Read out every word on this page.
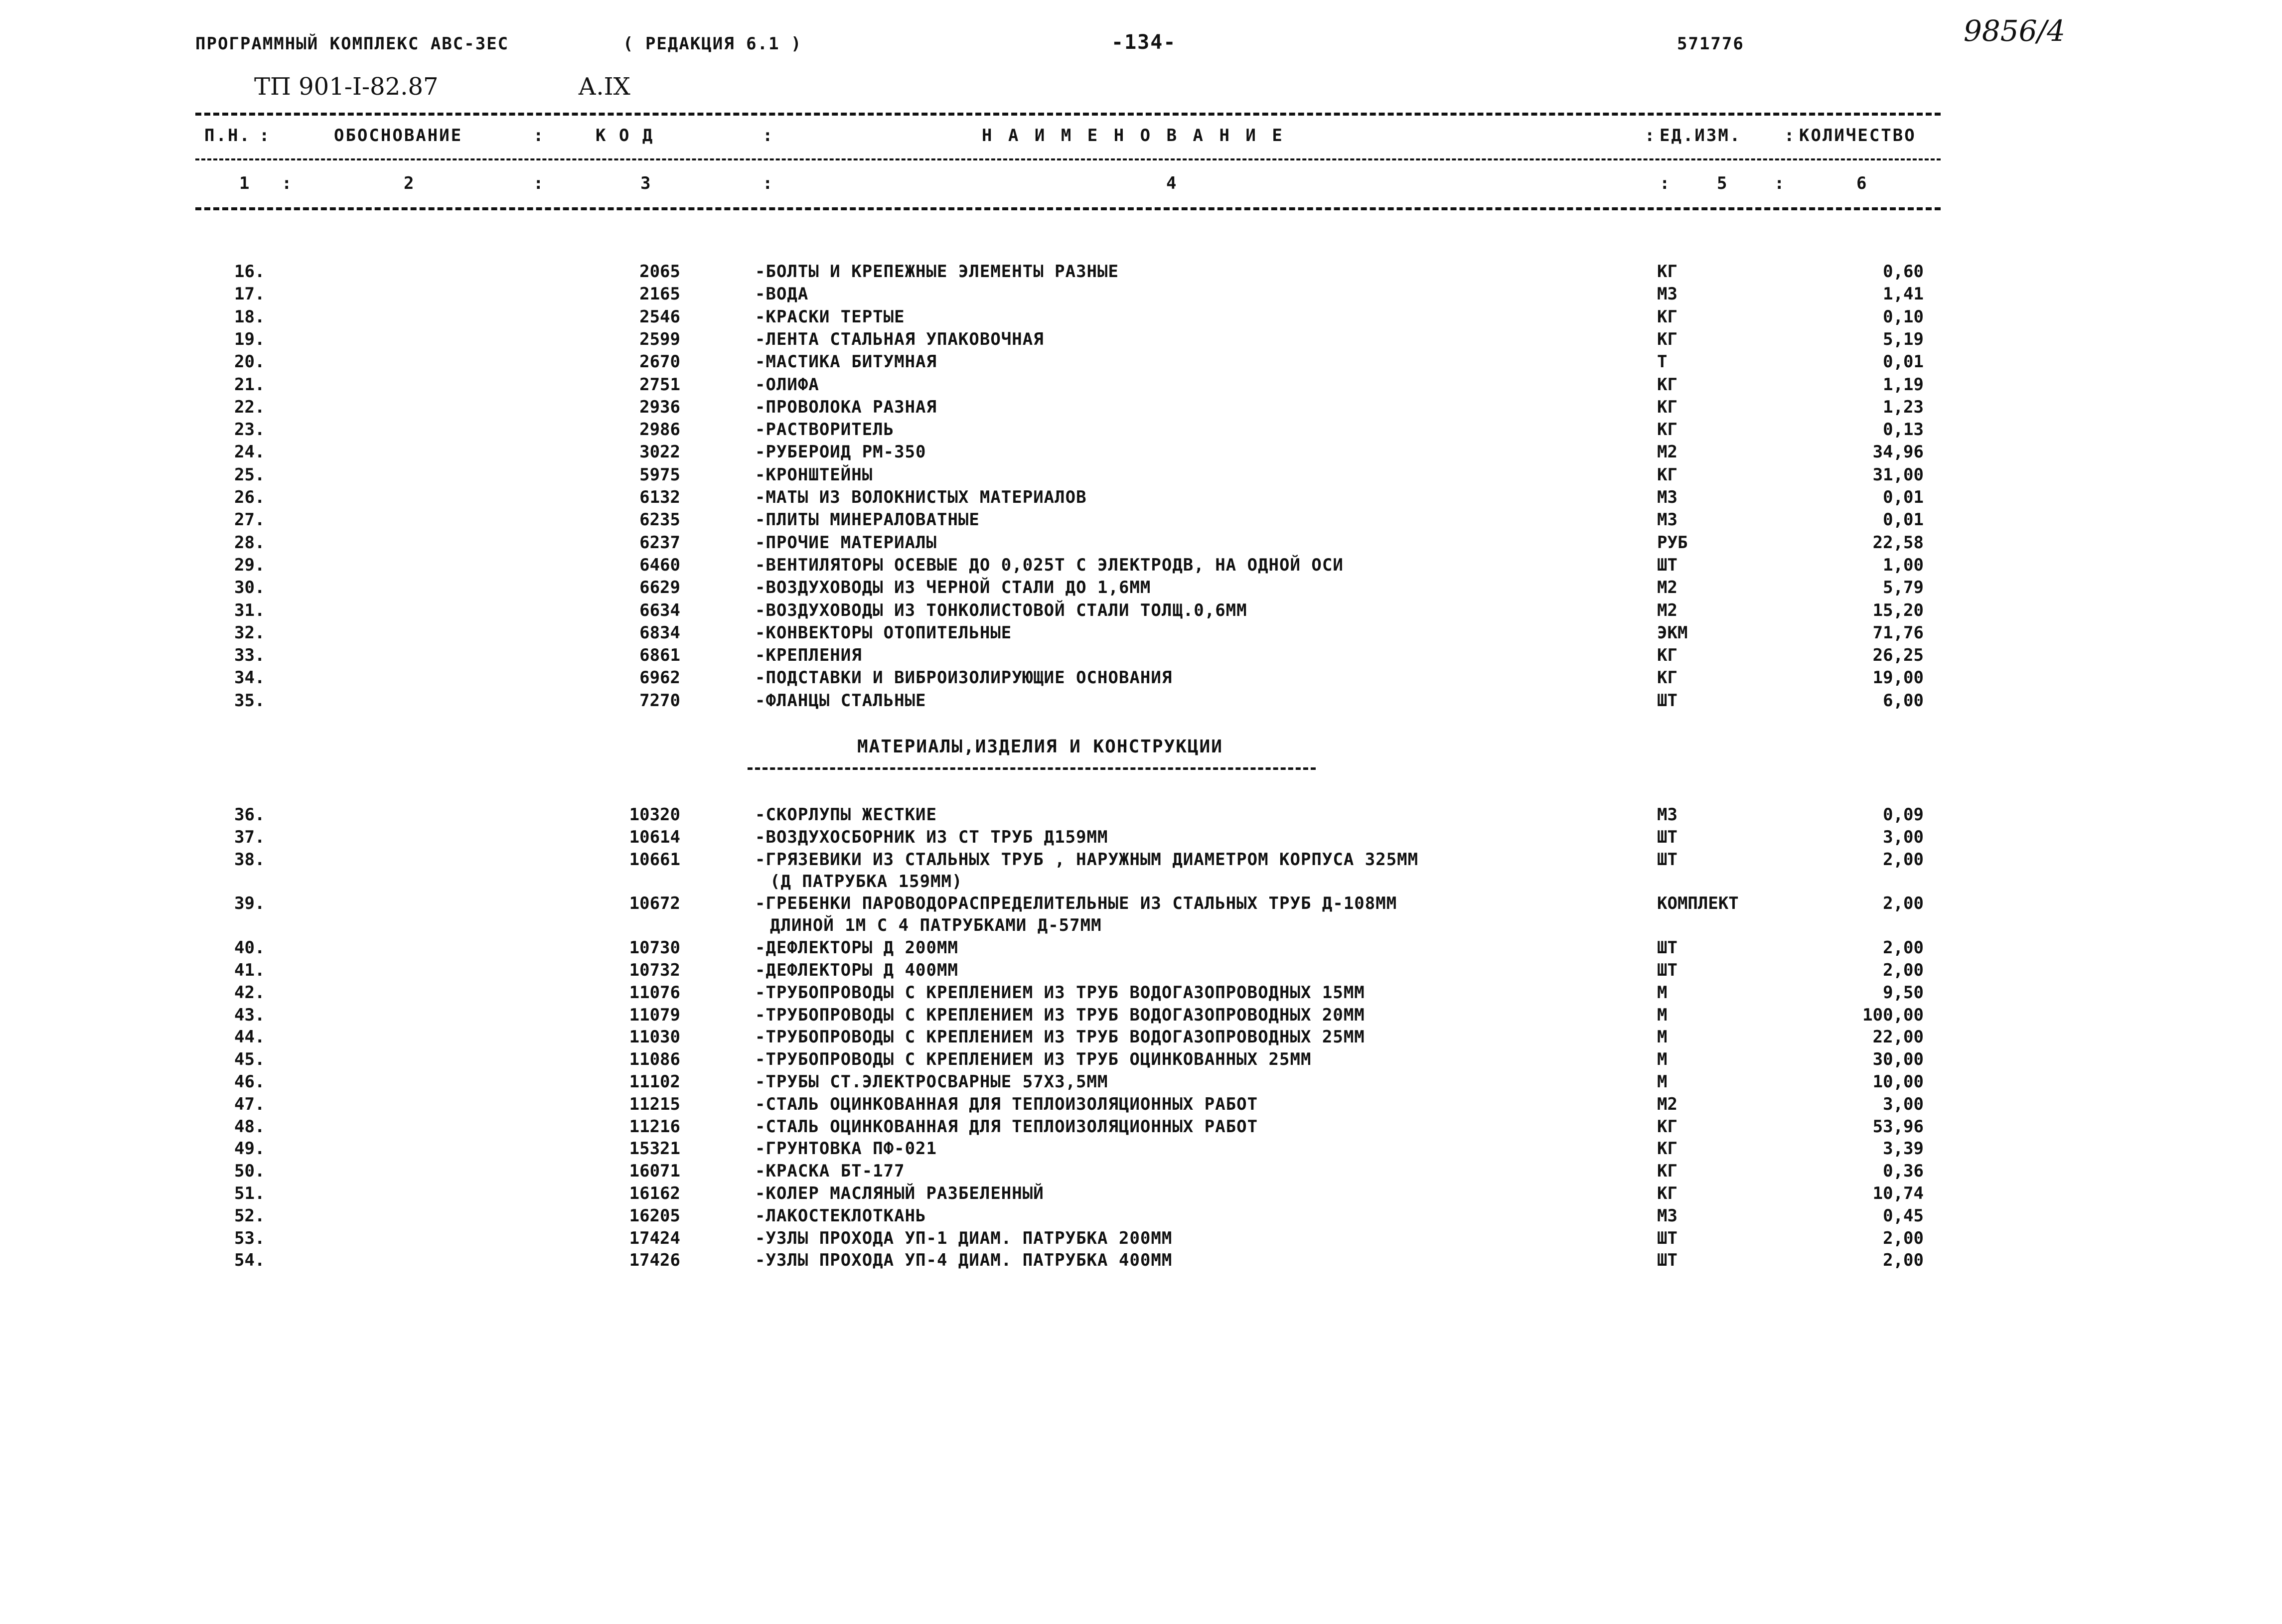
ПРОГРАММНЫЙ КОМПЛЕКС АВС-3ЕС	( РЕДАКЦИЯ 6.1 )	-134-	571776	9856/4
ТП 901-I-82.87	А.IX
П.Н. :	ОБОСНОВАНИЕ	:	К О Д	:	Н А И М Е Н О В А Н И Е	: ЕД.ИЗМ.	: КОЛИЧЕСТВО
1 :	2	:	3	:	4	:	5	:	6
16.	2065	-БОЛТЫ И КРЕПЕЖНЫЕ ЭЛЕМЕНТЫ РАЗНЫЕ	КГ	0,60
17.	2165	-ВОДА	М3	1,41
18.	2546	-КРАСКИ ТЕРТЫЕ	КГ	0,10
19.	2599	-ЛЕНТА СТАЛЬНАЯ УПАКОВОЧНАЯ	КГ	5,19
20.	2670	-МАСТИКА БИТУМНАЯ	Т	0,01
21.	2751	-ОЛИФА	КГ	1,19
22.	2936	-ПРОВОЛОКА РАЗНАЯ	КГ	1,23
23.	2986	-РАСТВОРИТЕЛЬ	КГ	0,13
24.	3022	-РУБЕРОИД РМ-350	М2	34,96
25.	5975	-КРОНШТЕЙНЫ	КГ	31,00
26.	6132	-МАТЫ ИЗ ВОЛОКНИСТЫХ МАТЕРИАЛОВ	М3	0,01
27.	6235	-ПЛИТЫ МИНЕРАЛОВАТНЫЕ	М3	0,01
28.	6237	-ПРОЧИЕ МАТЕРИАЛЫ	РУБ	22,58
29.	6460	-ВЕНТИЛЯТОРЫ ОСЕВЫЕ ДО 0,025Т С ЭЛЕКТРОДВ, НА ОДНОЙ ОСИ	ШТ	1,00
30.	6629	-ВОЗДУХОВОДЫ ИЗ ЧЕРНОЙ СТАЛИ ДО 1,6ММ	М2	5,79
31.	6634	-ВОЗДУХОВОДЫ ИЗ ТОНКОЛИСТОВОЙ СТАЛИ ТОЛЩ.0,6ММ	М2	15,20
32.	6834	-КОНВЕКТОРЫ ОТОПИТЕЛЬНЫЕ	ЭКМ	71,76
33.	6861	-КРЕПЛЕНИЯ	КГ	26,25
34.	6962	-ПОДСТАВКИ И ВИБРОИЗОЛИРУЮЩИЕ ОСНОВАНИЯ	КГ	19,00
35.	7270	-ФЛАНЦЫ СТАЛЬНЫЕ	ШТ	6,00
МАТЕРИАЛЫ,ИЗДЕЛИЯ И КОНСТРУКЦИИ
36.	10320	-СКОРЛУПЫ ЖЕСТКИЕ	М3	0,09
37.	10614	-ВОЗДУХОСБОРНИК ИЗ СТ ТРУБ Д159ММ	ШТ	3,00
38.	10661	-ГРЯЗЕВИКИ ИЗ СТАЛЬНЫХ ТРУБ , НАРУЖНЫМ ДИАМЕТРОМ КОРПУСА 325ММ	ШТ	2,00
(Д ПАТРУБКА 159ММ)
39.	10672	-ГРЕБЕНКИ ПАРОВОДОРАСПРЕДЕЛИТЕЛЬНЫЕ ИЗ СТАЛЬНЫХ ТРУБ Д-108ММ	КОМПЛЕКТ	2,00
ДЛИНОЙ 1М С 4 ПАТРУБКАМИ Д-57ММ
40.	10730	-ДЕФЛЕКТОРЫ Д 200ММ	ШТ	2,00
41.	10732	-ДЕФЛЕКТОРЫ Д 400ММ	ШТ	2,00
42.	11076	-ТРУБОПРОВОДЫ С КРЕПЛЕНИЕМ ИЗ ТРУБ ВОДОГАЗОПРОВОДНЫХ 15ММ	М	9,50
43.	11079	-ТРУБОПРОВОДЫ С КРЕПЛЕНИЕМ ИЗ ТРУБ ВОДОГАЗОПРОВОДНЫХ 20ММ	М	100,00
44.	11030	-ТРУБОПРОВОДЫ С КРЕПЛЕНИЕМ ИЗ ТРУБ ВОДОГАЗОПРОВОДНЫХ 25ММ	М	22,00
45.	11086	-ТРУБОПРОВОДЫ С КРЕПЛЕНИЕМ ИЗ ТРУБ ОЦИНКОВАННЫХ 25ММ	М	30,00
46.	11102	-ТРУБЫ СТ.ЭЛЕКТРОСВАРНЫЕ 57Х3,5ММ	М	10,00
47.	11215	-СТАЛЬ ОЦИНКОВАННАЯ ДЛЯ ТЕПЛОИЗОЛЯЦИОННЫХ РАБОТ	М2	3,00
48.	11216	-СТАЛЬ ОЦИНКОВАННАЯ ДЛЯ ТЕПЛОИЗОЛЯЦИОННЫХ РАБОТ	КГ	53,96
49.	15321	-ГРУНТОВКА ПФ-021	КГ	3,39
50.	16071	-КРАСКА БТ-177	КГ	0,36
51.	16162	-КОЛЕР МАСЛЯНЫЙ РАЗБЕЛЕННЫЙ	КГ	10,74
52.	16205	-ЛАКОСТЕКЛОТКАНЬ	М3	0,45
53.	17424	-УЗЛЫ ПРОХОДА УП-1 ДИАМ. ПАТРУБКА 200ММ	ШТ	2,00
54.	17426	-УЗЛЫ ПРОХОДА УП-4 ДИАМ. ПАТРУБКА 400ММ	ШТ	2,00
